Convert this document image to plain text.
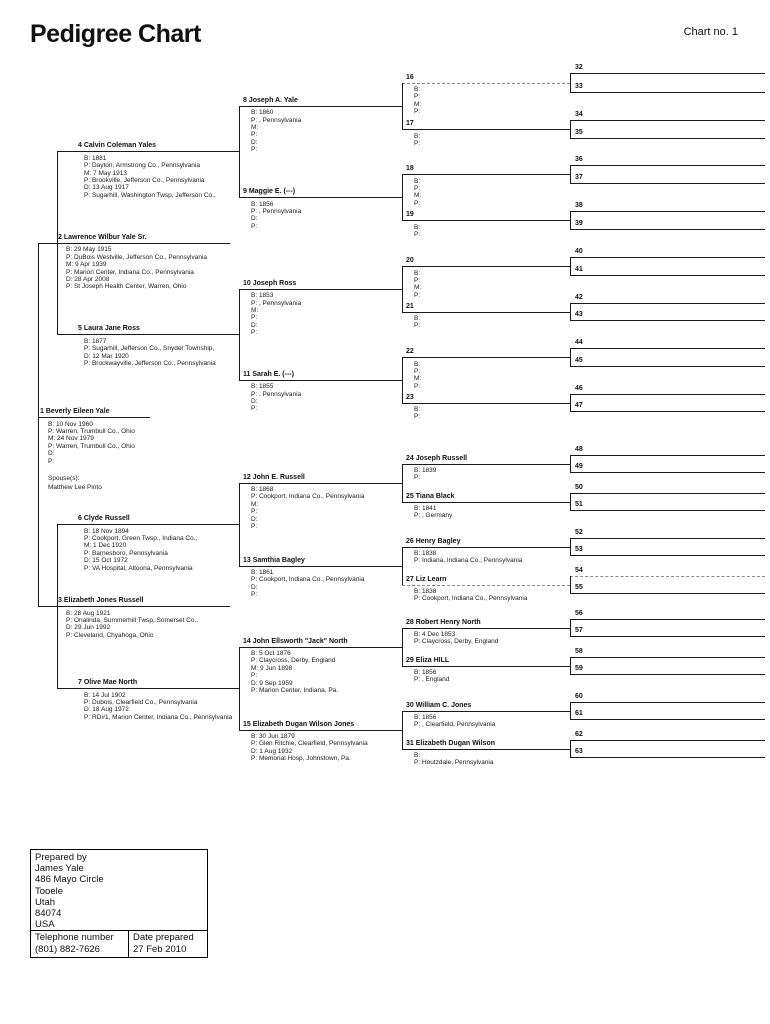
Pedigree Chart	Chart no. 1
1 Beverly Eileen Yale
B: 10 Nov 1960
P: Warren, Trumbull Co., Ohio
M: 24 Nov 1979
P: Warren, Trumbull Co., Ohio
D:
P:
Spouse(s):
Matthew Lee Pinto
2 Lawrence Wilbur Yale Sr.
B: 29 May 1915
P: DuBois Westville, Jefferson Co., Pennsylvania
M: 9 Apr 1939
P: Marion Center, Indiana Co., Pennsylvania
D: 28 Apr 2008
P: St Joseph Health Center, Warren, Ohio
3 Elizabeth Jones Russell
B: 28 Aug 1921
P: Onalinda, Summerhill Twsp, Somerset Co.,
D: 29 Jun 1992
P: Cleveland, Chyahoga, Ohio
4 Calvin Coleman Yales
B: 1881
P: Dayton, Armstrong Co., Pennsylvania
M: 7 May 1913
P: Brookville, Jefferson Co., Pennsylvania
D: 13 Aug 1917
P: Sugarhill, Washington Twsp, Jefferson Co.,
5 Laura Jane Ross
B: 1877
P: Sugarhill, Jefferson Co., Snyder Township,
D: 12 Mar 1920
P: Brockwayville, Jefferson Co., Pennsylvania
6 Clyde Russell
B: 18 Nov 1894
P: Cookport, Green Twsp., Indiana Co.,
M: 1 Dec 1920
P: Barnesboro, Pennsylvania
D: 15 Oct 1972
P: VA Hospital, Altoona, Pennsylvania
7 Olive Mae North
B: 14 Jul 1902
P: Dubois, Clearfield Co., Pennsylvania
D: 18 Aug 1972
P: RD#1, Marion Center, Indiana Co., Pennsylvania
8 Joseph A. Yale
B: 1860
P: , Pennsylvania
M:
P:
D:
P:
9 Maggie E. (---)
B: 1856
P: , Pennsylvania
D:
P:
10 Joseph Ross
B: 1853
P: , Pennsylvania
M:
P:
D:
P:
11 Sarah E. (---)
B: 1855
P: , Pennsylvania
D:
P:
12 John E. Russell
B: 1868
P: Cookport, Indiana Co., Pennsylvania
M:
P:
D:
P:
13 Samthia Bagley
B: 1861
P: Cookport, Indiana Co., Pennsylvania
D:
P:
14 John Ellsworth "Jack" North
B: 5 Oct 1876
P: Claycross, Derby, England
M: 9 Jun 1898
P:
D: 9 Sep 1959
P: Marion Center, Indiana, Pa.
15 Elizabeth Dugan Wilson Jones
B: 30 Jun 1879
P: Glen Ritchie, Clearfield, Pennsylvania
D: 1 Aug 1932
P: Memorial Hosp, Johnstown, Pa.
16
B:
P:
M:
P:
17
B:
P:
18
B:
P:
M:
P:
19
B:
P:
20
B:
P:
M:
P:
21
B:
P:
22
B:
P:
M:
P:
23
B:
P:
24 Joseph Russell
B: 1839
P:
25 Tiana Black
B: 1841
P: , Germany
26 Henry Bagley
B: 1838
P: Indiana, Indiana Co., Pennsylvania
27 Liz Learn
B: 1838
P: Cookport, Indiana Co., Pennsylvania
28 Robert Henry North
B: 4 Dec 1853
P: Claycross, Derby, England
29 Eliza HILL
B: 1856
P: , England
30 William C. Jones
B: 1856
P: , Clearfield, Pennsylvania
31 Elizabeth Dugan Wilson
B:
P: Houtzdale, Pennsylvania
32
33
34
35
36
37
38
39
40
41
42
43
44
45
46
47
48
49
50
51
52
53
54
55
56
57
58
59
60
61
62
63
Prepared by
James Yale
486 Mayo Circle
Tooele
Utah
84074
USA
Telephone number
(801) 882-7626
Date prepared
27 Feb 2010
